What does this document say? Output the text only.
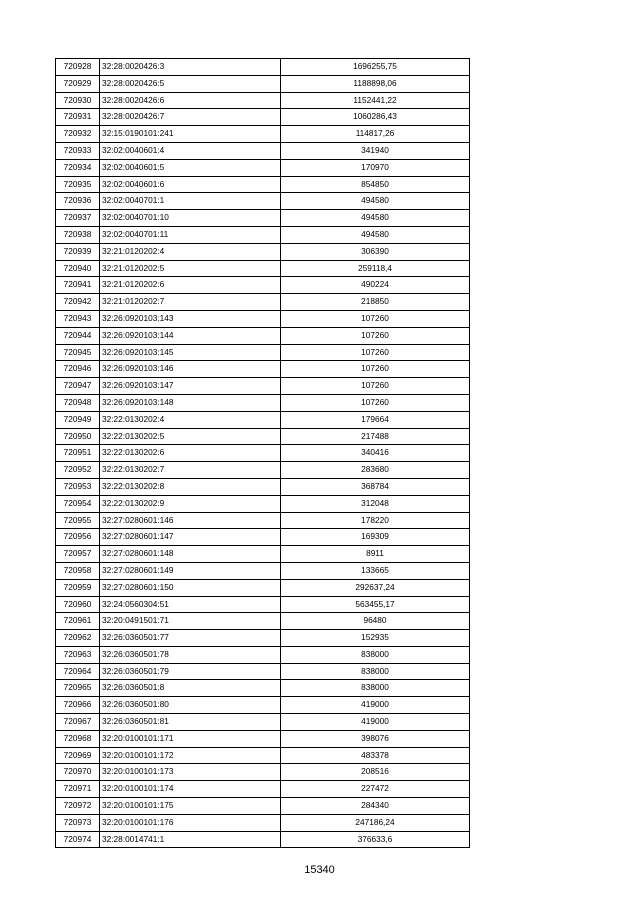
720928	32:28:0020426:3	1696255,75
720929	32:28:0020426:5	1188898,06
720930	32:28:0020426:6	1152441,22
720931	32:28:0020426:7	1060286,43
720932	32:15:0190101:241	114817,26
720933	32:02:0040601:4	341940
720934	32:02:0040601:5	170970
720935	32:02:0040601:6	854850
720936	32:02:0040701:1	494580
720937	32:02:0040701:10	494580
720938	32:02:0040701:11	494580
720939	32:21:0120202:4	306390
720940	32:21:0120202:5	259118,4
720941	32:21:0120202:6	490224
720942	32:21:0120202:7	218850
720943	32:26:0920103:143	107260
720944	32:26:0920103:144	107260
720945	32:26:0920103:145	107260
720946	32:26:0920103:146	107260
720947	32:26:0920103:147	107260
720948	32:26:0920103:148	107260
720949	32:22:0130202:4	179664
720950	32:22:0130202:5	217488
720951	32:22:0130202:6	340416
720952	32:22:0130202:7	283680
720953	32:22:0130202:8	368784
720954	32:22:0130202:9	312048
720955	32:27:0280601:146	178220
720956	32:27:0280601:147	169309
720957	32:27:0280601:148	8911
720958	32:27:0280601:149	133665
720959	32:27:0280601:150	292637,24
720960	32:24:0560304:51	563455,17
720961	32:20:0491501:71	96480
720962	32:26:0360501:77	152935
720963	32:26:0360501:78	838000
720964	32:26:0360501:79	838000
720965	32:26:0360501:8	838000
720966	32:26:0360501:80	419000
720967	32:26:0360501:81	419000
720968	32:20:0100101:171	398076
720969	32:20:0100101:172	483378
720970	32:20:0100101:173	208516
720971	32:20:0100101:174	227472
720972	32:20:0100101:175	284340
720973	32:20:0100101:176	247186,24
720974	32:28:0014741:1	376633,6
15340
